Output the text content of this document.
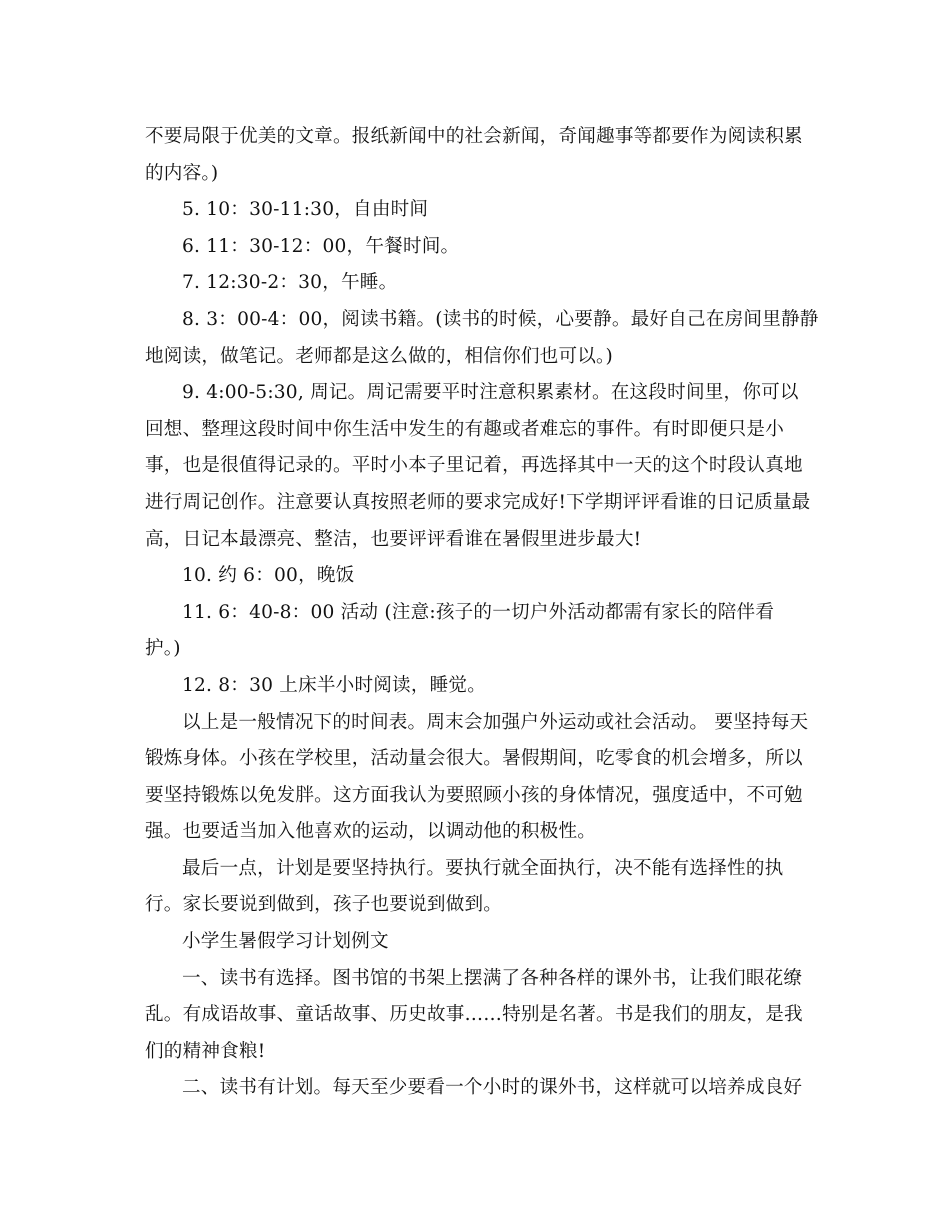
不要局限于优美的文章。报纸新闻中的社会新闻，奇闻趣事等都要作为阅读积累
的内容。)
5. 10：30-11:30，自由时间
6. 11：30-12：00，午餐时间。
7. 12:30-2：30，午睡。
8. 3：00-4：00，阅读书籍。(读书的时候，心要静。最好自己在房间里静静
地阅读，做笔记。老师都是这么做的，相信你们也可以。)
9. 4:00-5:30, 周记。周记需要平时注意积累素材。在这段时间里，你可以
回想、整理这段时间中你生活中发生的有趣或者难忘的事件。有时即便只是小
事，也是很值得记录的。平时小本子里记着，再选择其中一天的这个时段认真地
进行周记创作。注意要认真按照老师的要求完成好!下学期评评看谁的日记质量最
高，日记本最漂亮、整洁，也要评评看谁在暑假里进步最大!
10. 约 6：00，晚饭
11. 6：40-8：00 活动 (注意:孩子的一切户外活动都需有家长的陪伴看
护。)
12. 8：30 上床半小时阅读，睡觉。
以上是一般情况下的时间表。周末会加强户外运动或社会活动。 要坚持每天
锻炼身体。小孩在学校里，活动量会很大。暑假期间，吃零食的机会增多，所以
要坚持锻炼以免发胖。这方面我认为要照顾小孩的身体情况，强度适中，不可勉
强。也要适当加入他喜欢的运动，以调动他的积极性。
最后一点，计划是要坚持执行。要执行就全面执行，决不能有选择性的执
行。家长要说到做到，孩子也要说到做到。
小学生暑假学习计划例文
一、读书有选择。图书馆的书架上摆满了各种各样的课外书，让我们眼花缭
乱。有成语故事、童话故事、历史故事……特别是名著。书是我们的朋友，是我
们的精神食粮!
二、读书有计划。每天至少要看一个小时的课外书，这样就可以培养成良好
